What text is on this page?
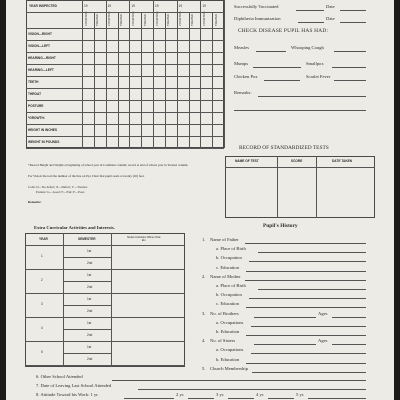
YEAR INSPECTED	19	19	19	19	19	19
CONDITION	TREATED	CONDITION	TREATED	CONDITION	TREATED	CONDITION	TREATED	CONDITION	TREATED	CONDITION	TREATED
VISION—RIGHT
VISION—LEFT
HEARING—RIGHT
HEARING—LEFT
TEETH
THROAT
POSTURE
*GROWTH:
HEIGHT IN INCHES
WEIGHT IN POUNDS
*Record Height and Weight at beginning of school year in Condition column; record at end of school year in Treated column.
For Vision: Record the number of the line on Eye Chart that pupil reads at twenty (20) feet.
Code: O—No defect; X—Defect; V—Treated.
Posture: G—Good; F—Fair; P—Poor.
Remarks:
Successfully Vaccinated	Date
Diphtheria Immunization	Date
CHECK DISEASE PUPIL HAS HAD:
Measles	Whooping Cough
Mumps	Smallpox
Chicken Pox	Scarlet Fever
Remarks:
RECORD OF STANDARDIZED TESTS
NAME OF TEST	SCORE	DATE TAKEN
Extra Curricular Activities and Interests.
1
1st
2nd
2
1st
2nd
3
1st
2nd
4
1st
2nd
5
1st
2nd
YEAR	SEMESTER	Student Activities Offices Held, Etc.
Pupil's History
1. Name of Father
a. Place of Birth
b. Occupation
c. Education
2. Name of Mother
a. Place of Birth
b. Occupation
c. Education
3. No. of Brothers	Ages
a. Occupations
b. Education
4. No. of Sisters	Ages
a. Occupations
b. Education
5. Church Membership
6. Other School Attended
7. Date of Leaving Last School Attended
8. Attitude Toward his Work: 1 yr.	2 yr.	3 yr.	4 yr.	5 yr.
